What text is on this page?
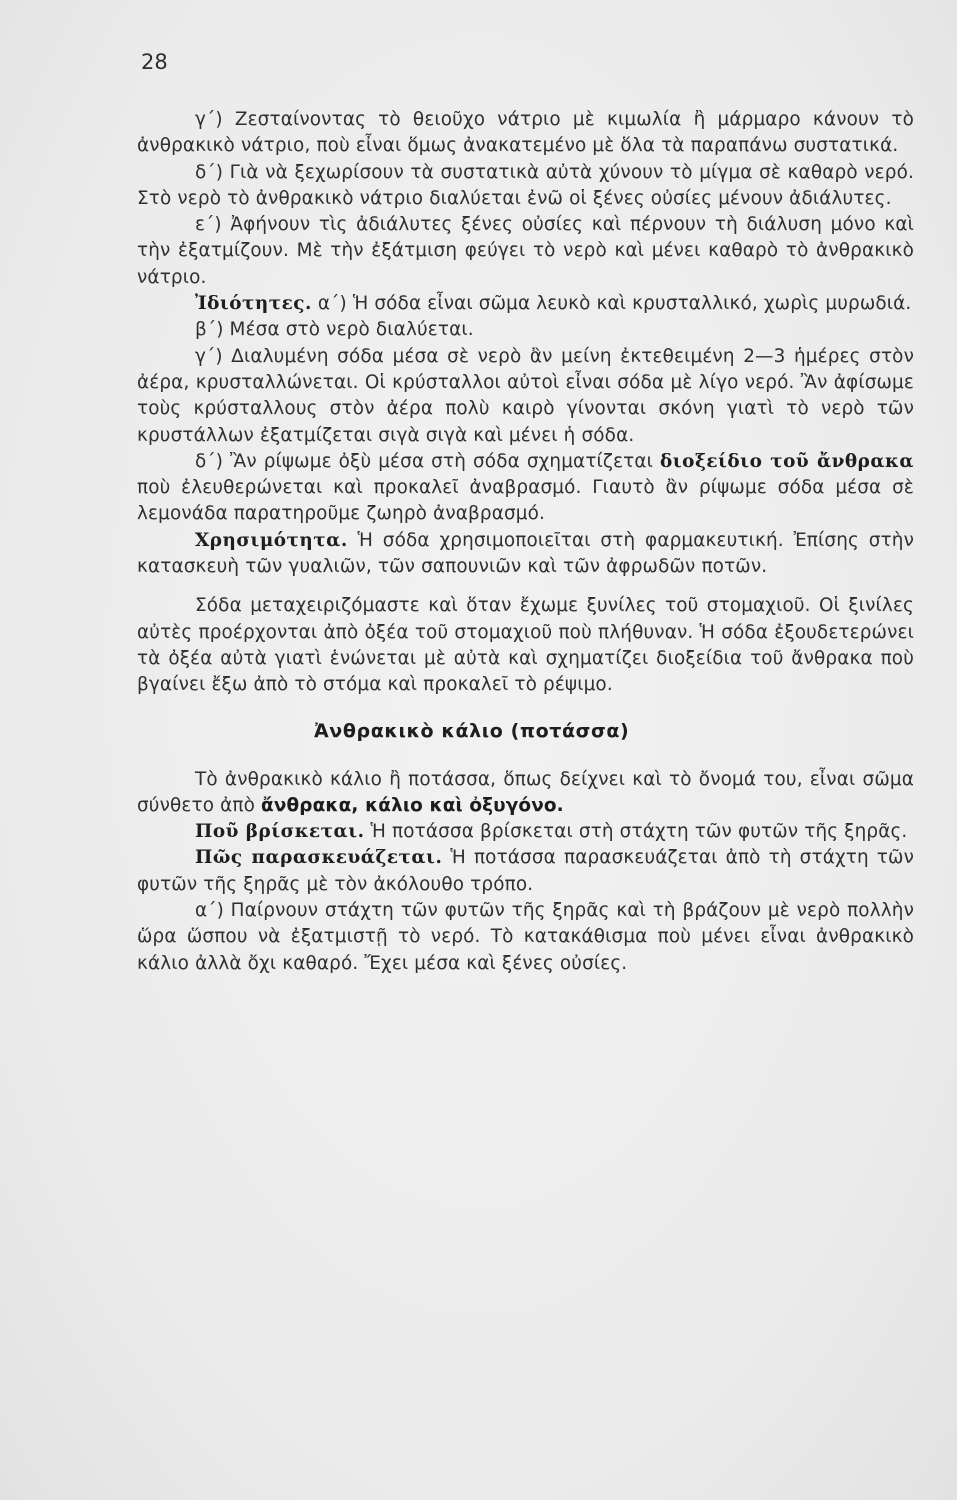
28

γ΄) Ζεσταίνοντας τὸ θειοῦχο νάτριο μὲ κιμωλία ἢ μάρμαρο κάνουν τὸ ἀνθρακικὸ νάτριο, ποὺ εἶναι ὅμως ἀνακατεμένο μὲ ὅλα τὰ παραπάνω συστατικά.

δ΄) Γιὰ νὰ ξεχωρίσουν τὰ συστατικὰ αὐτὰ χύνουν τὸ μίγμα σὲ καθαρὸ νερό. Στὸ νερὸ τὸ ἀνθρακικὸ νάτριο διαλύεται ἐνῶ οἱ ξένες οὐσίες μένουν ἀδιάλυτες.

ε΄) Ἀφήνουν τὶς ἀδιάλυτες ξένες οὐσίες καὶ πέρνουν τὴ διάλυση μόνο καὶ τὴν ἐξατμίζουν. Μὲ τὴν ἐξάτμιση φεύγει τὸ νερὸ καὶ μένει καθαρὸ τὸ ἀνθρακικὸ νάτριο.

Ἰδιότητες. α΄) Ἡ σόδα εἶναι σῶμα λευκὸ καὶ κρυσταλλικό, χωρὶς μυρωδιά.

β΄) Μέσα στὸ νερὸ διαλύεται.

γ΄) Διαλυμένη σόδα μέσα σὲ νερὸ ἂν μείνη ἐκτεθειμένη 2—3 ἡμέρες στὸν ἀέρα, κρυσταλλώνεται. Οἱ κρύσταλλοι αὐτοὶ εἶναι σόδα μὲ λίγο νερό. Ἂν ἀφίσωμε τοὺς κρύσταλλους στὸν ἀέρα πολὺ καιρὸ γίνονται σκόνη γιατὶ τὸ νερὸ τῶν κρυστάλλων ἐξατμίζεται σιγὰ σιγὰ καὶ μένει ἡ σόδα.

δ΄) Ἂν ρίψωμε ὀξὺ μέσα στὴ σόδα σχηματίζεται διοξείδιο τοῦ ἄνθρακα ποὺ ἐλευθερώνεται καὶ προκαλεῖ ἀναβρασμό. Γιαυτὸ ἂν ρίψωμε σόδα μέσα σὲ λεμονάδα παρατηροῦμε ζωηρὸ ἀναβρασμό.

Χρησιμότητα. Ἡ σόδα χρησιμοποιεῖται στὴ φαρμακευτική. Ἐπίσης στὴν κατασκευὴ τῶν γυαλιῶν, τῶν σαπουνιῶν καὶ τῶν ἀφρωδῶν ποτῶν.

Σόδα μεταχειριζόμαστε καὶ ὅταν ἔχωμε ξυνίλες τοῦ στομαχιοῦ. Οἱ ξινίλες αὐτὲς προέρχονται ἀπὸ ὀξέα τοῦ στομαχιοῦ ποὺ πλήθυναν. Ἡ σόδα ἐξουδετερώνει τὰ ὀξέα αὐτὰ γιατὶ ἑνώνεται μὲ αὐτὰ καὶ σχηματίζει διοξείδια τοῦ ἄνθρακα ποὺ βγαίνει ἔξω ἀπὸ τὸ στόμα καὶ προκαλεῖ τὸ ρέψιμο.

Ἀνθρακικὸ κάλιο (ποτάσσα)

Τὸ ἀνθρακικὸ κάλιο ἢ ποτάσσα, ὅπως δείχνει καὶ τὸ ὄνομά του, εἶναι σῶμα σύνθετο ἀπὸ ἄνθρακα, κάλιο καὶ ὀξυγόνο.

Ποῦ βρίσκεται. Ἡ ποτάσσα βρίσκεται στὴ στάχτη τῶν φυτῶν τῆς ξηρᾶς.

Πῶς παρασκευάζεται. Ἡ ποτάσσα παρασκευάζεται ἀπὸ τὴ στάχτη τῶν φυτῶν τῆς ξηρᾶς μὲ τὸν ἀκόλουθο τρόπο.

α΄) Παίρνουν στάχτη τῶν φυτῶν τῆς ξηρᾶς καὶ τὴ βράζουν μὲ νερὸ πολλὴν ὥρα ὥσπου νὰ ἐξατμιστῇ τὸ νερό. Τὸ κατακάθισμα ποὺ μένει εἶναι ἀνθρακικὸ κάλιο ἀλλὰ ὄχι καθαρό. Ἔχει μέσα καὶ ξένες οὐσίες.
